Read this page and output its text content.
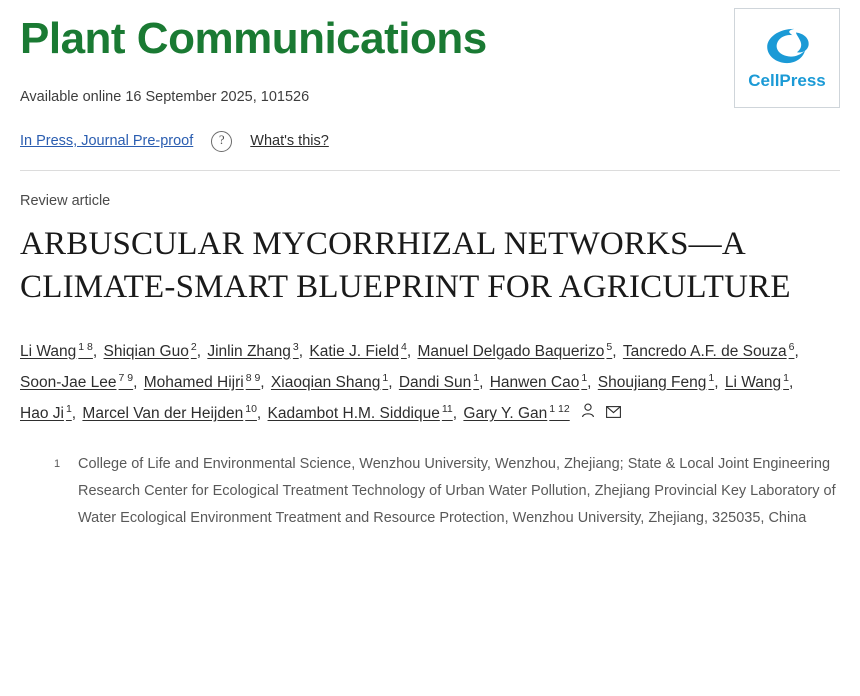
Plant Communications
Available online 16 September 2025, 101526
CellPress
In Press, Journal Pre-proof	?	What's this?
Review article
ARBUSCULAR MYCORRHIZAL NETWORKS—A CLIMATE-SMART BLUEPRINT FOR AGRICULTURE
Li Wang $^{1 8}$, Shiqian Guo $^2$, Jinlin Zhang $^3$, Katie J. Field $^4$, Manuel Delgado Baquerizo $^5$, Tancredo A.F. de Souza $^6$, Soon-Jae Lee $^{7 9}$, Mohamed Hijri $^{8 9}$, Xiaoqian Shang $^1$, Dandi Sun $^1$, Hanwen Cao $^1$, Shoujiang Feng $^1$, Li Wang $^1$, Hao Ji $^1$, Marcel Van der Heijden $^{10}$, Kadambot H.M. Siddique $^{11}$, Gary Y. Gan $^{1 12}$
1	College of Life and Environmental Science, Wenzhou University, Wenzhou, Zhejiang; State & Local Joint Engineering Research Center for Ecological Treatment Technology of Urban Water Pollution, Zhejiang Provincial Key Laboratory of Water Ecological Environment Treatment and Resource Protection, Wenzhou University, Zhejiang, 325035, China
